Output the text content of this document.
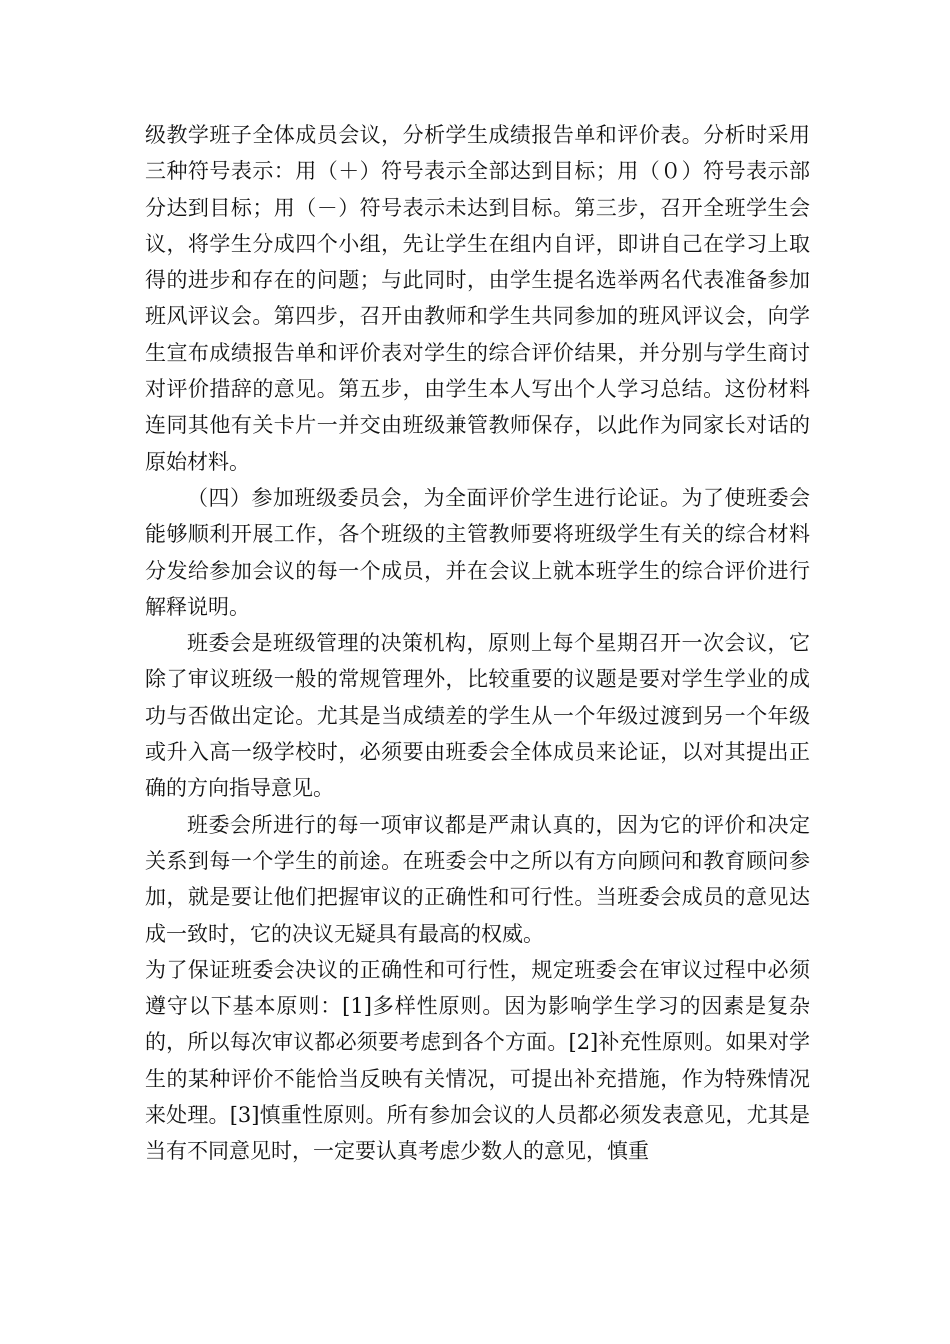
级教学班子全体成员会议，分析学生成绩报告单和评价表。分析时采用三种符号表示：用（＋）符号表示全部达到目标；用（０）符号表示部分达到目标；用（－）符号表示未达到目标。第三步，召开全班学生会议，将学生分成四个小组，先让学生在组内自评，即讲自己在学习上取得的进步和存在的问题；与此同时，由学生提名选举两名代表准备参加班风评议会。第四步，召开由教师和学生共同参加的班风评议会，向学生宣布成绩报告单和评价表对学生的综合评价结果，并分别与学生商讨对评价措辞的意见。第五步，由学生本人写出个人学习总结。这份材料连同其他有关卡片一并交由班级兼管教师保存，以此作为同家长对话的原始材料。

（四）参加班级委员会，为全面评价学生进行论证。为了使班委会能够顺利开展工作，各个班级的主管教师要将班级学生有关的综合材料分发给参加会议的每一个成员，并在会议上就本班学生的综合评价进行解释说明。

班委会是班级管理的决策机构，原则上每个星期召开一次会议，它除了审议班级一般的常规管理外，比较重要的议题是要对学生学业的成功与否做出定论。尤其是当成绩差的学生从一个年级过渡到另一个年级或升入高一级学校时，必须要由班委会全体成员来论证，以对其提出正确的方向指导意见。

班委会所进行的每一项审议都是严肃认真的，因为它的评价和决定关系到每一个学生的前途。在班委会中之所以有方向顾问和教育顾问参加，就是要让他们把握审议的正确性和可行性。当班委会成员的意见达成一致时，它的决议无疑具有最高的权威。

为了保证班委会决议的正确性和可行性，规定班委会在审议过程中必须遵守以下基本原则：[1]多样性原则。因为影响学生学习的因素是复杂的，所以每次审议都必须要考虑到各个方面。[2]补充性原则。如果对学生的某种评价不能恰当反映有关情况，可提出补充措施，作为特殊情况来处理。[3]慎重性原则。所有参加会议的人员都必须发表意见，尤其是当有不同意见时，一定要认真考虑少数人的意见，慎重
